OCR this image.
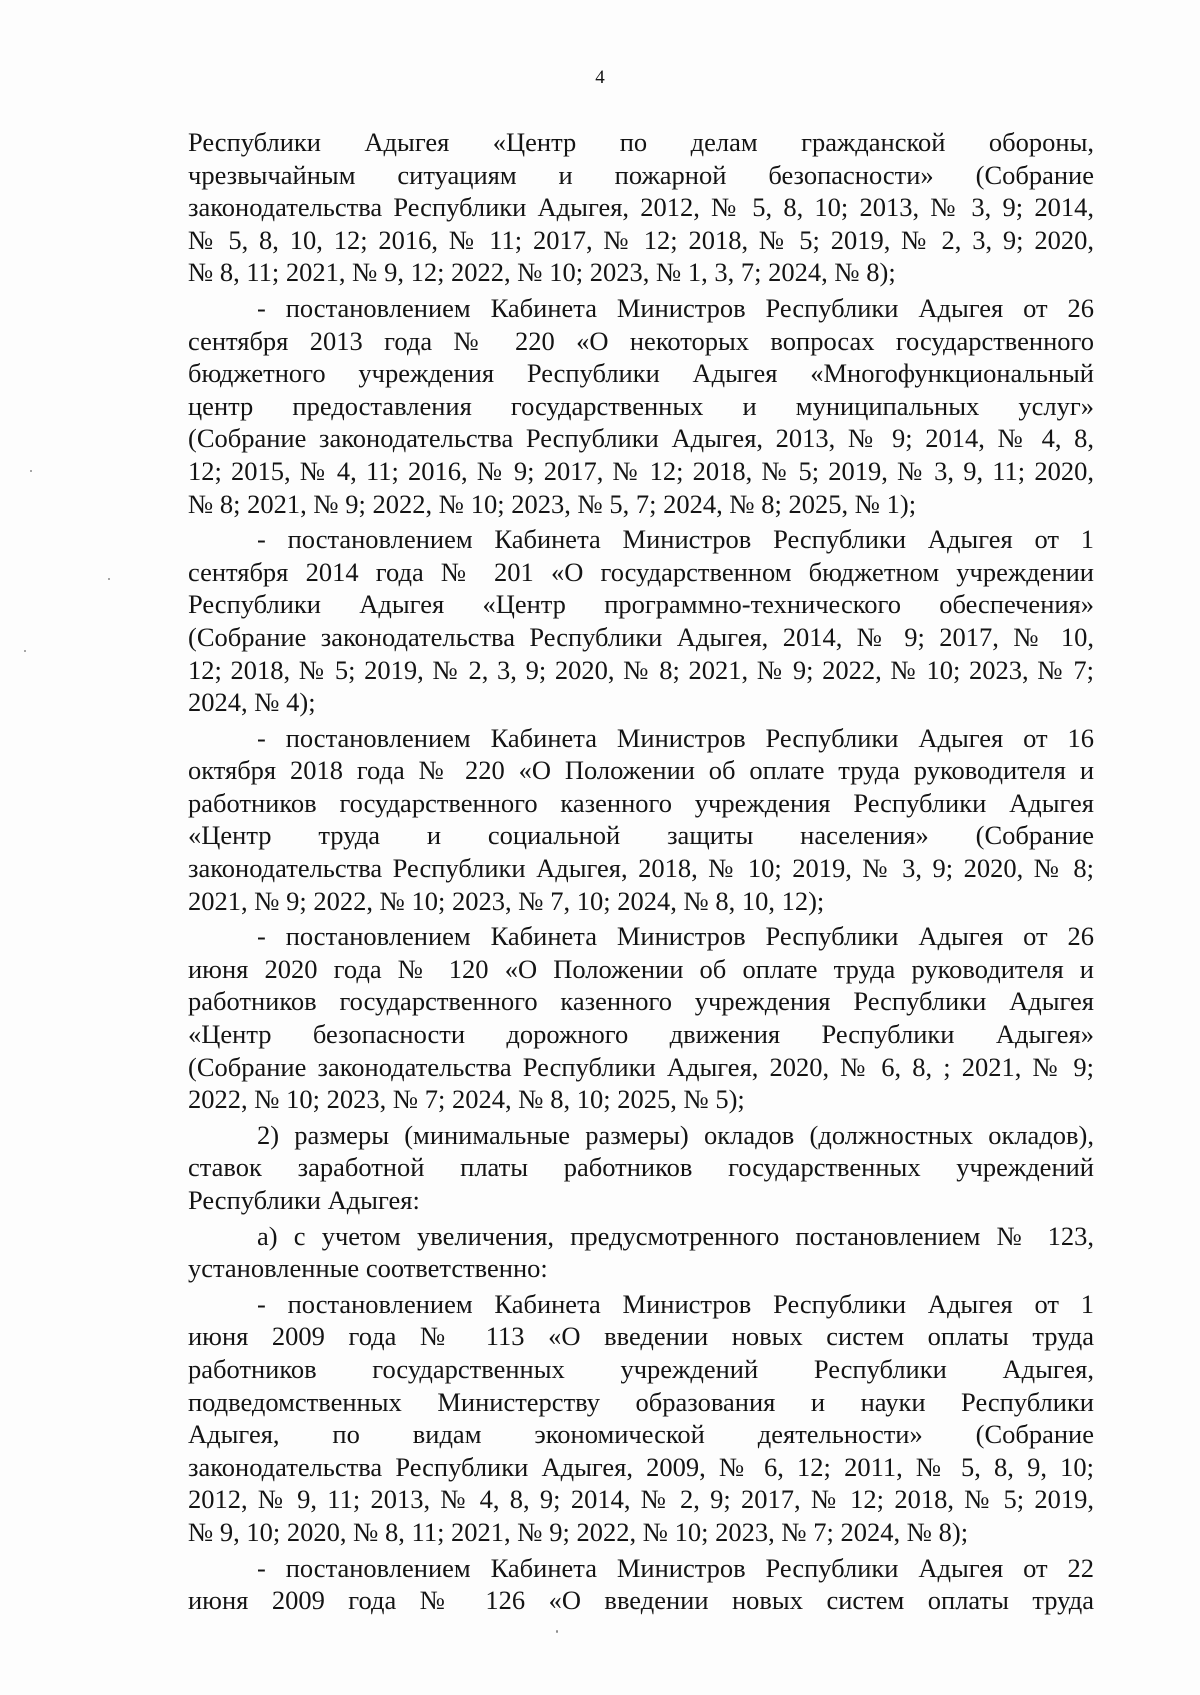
4
Республики Адыгея «Центр по делам гражданской обороны,
чрезвычайным ситуациям и пожарной безопасности» (Собрание
законодательства Республики Адыгея, 2012, № 5, 8, 10; 2013, № 3, 9; 2014,
№ 5, 8, 10, 12; 2016, № 11; 2017, № 12; 2018, № 5; 2019, № 2, 3, 9; 2020,
№ 8, 11; 2021, № 9, 12; 2022, № 10; 2023, № 1, 3, 7; 2024, № 8);
- постановлением Кабинета Министров Республики Адыгея от 26
сентября 2013 года № 220 «О некоторых вопросах государственного
бюджетного учреждения Республики Адыгея «Многофункциональный
центр предоставления государственных и муниципальных услуг»
(Собрание законодательства Республики Адыгея, 2013, № 9; 2014, № 4, 8,
12; 2015, № 4, 11; 2016, № 9; 2017, № 12; 2018, № 5; 2019, № 3, 9, 11; 2020,
№ 8; 2021, № 9; 2022, № 10; 2023, № 5, 7; 2024, № 8; 2025, № 1);
- постановлением Кабинета Министров Республики Адыгея от 1
сентября 2014 года № 201 «О государственном бюджетном учреждении
Республики Адыгея «Центр программно-технического обеспечения»
(Собрание законодательства Республики Адыгея, 2014, № 9; 2017, № 10,
12; 2018, № 5; 2019, № 2, 3, 9; 2020, № 8; 2021, № 9; 2022, № 10; 2023, № 7;
2024, № 4);
- постановлением Кабинета Министров Республики Адыгея от 16
октября 2018 года № 220 «О Положении об оплате труда руководителя и
работников государственного казенного учреждения Республики Адыгея
«Центр труда и социальной защиты населения» (Собрание
законодательства Республики Адыгея, 2018, № 10; 2019, № 3, 9; 2020, № 8;
2021, № 9; 2022, № 10; 2023, № 7, 10; 2024, № 8, 10, 12);
- постановлением Кабинета Министров Республики Адыгея от 26
июня 2020 года № 120 «О Положении об оплате труда руководителя и
работников государственного казенного учреждения Республики Адыгея
«Центр безопасности дорожного движения Республики Адыгея»
(Собрание законодательства Республики Адыгея, 2020, № 6, 8, ; 2021, № 9;
2022, № 10; 2023, № 7; 2024, № 8, 10; 2025, № 5);
2) размеры (минимальные размеры) окладов (должностных окладов),
ставок заработной платы работников государственных учреждений
Республики Адыгея:
а) с учетом увеличения, предусмотренного постановлением № 123,
установленные соответственно:
- постановлением Кабинета Министров Республики Адыгея от 1
июня 2009 года № 113 «О введении новых систем оплаты труда
работников государственных учреждений Республики Адыгея,
подведомственных Министерству образования и науки Республики
Адыгея, по видам экономической деятельности» (Собрание
законодательства Республики Адыгея, 2009, № 6, 12; 2011, № 5, 8, 9, 10;
2012, № 9, 11; 2013, № 4, 8, 9; 2014, № 2, 9; 2017, № 12; 2018, № 5; 2019,
№ 9, 10; 2020, № 8, 11; 2021, № 9; 2022, № 10; 2023, № 7; 2024, № 8);
- постановлением Кабинета Министров Республики Адыгея от 22
июня 2009 года № 126 «О введении новых систем оплаты труда
